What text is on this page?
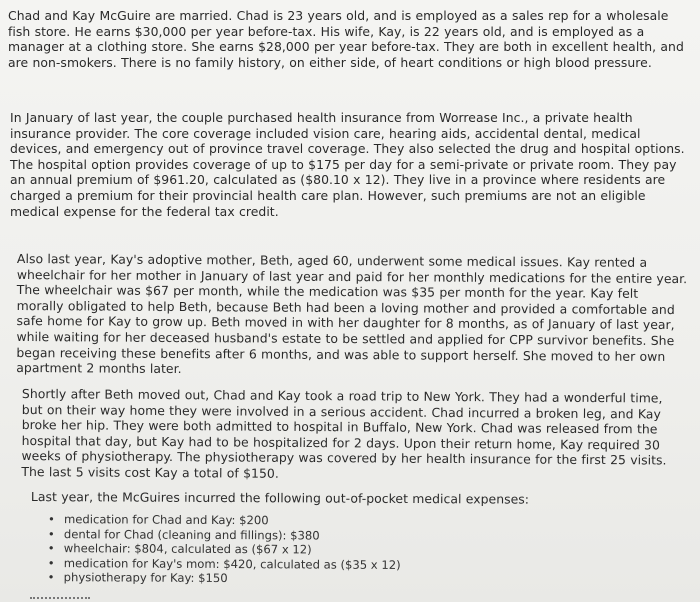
Chad and Kay McGuire are married. Chad is 23 years old, and is employed as a sales rep for a wholesale fish store. He earns $30,000 per year before-tax. His wife, Kay, is 22 years old, and is employed as a manager at a clothing store. She earns $28,000 per year before-tax. They are both in excellent health, and are non-smokers. There is no family history, on either side, of heart conditions or high blood pressure.

In January of last year, the couple purchased health insurance from Worrease Inc., a private health insurance provider. The core coverage included vision care, hearing aids, accidental dental, medical devices, and emergency out of province travel coverage. They also selected the drug and hospital options. The hospital option provides coverage of up to $175 per day for a semi-private or private room. They pay an annual premium of $961.20, calculated as ($80.10 x 12). They live in a province where residents are charged a premium for their provincial health care plan. However, such premiums are not an eligible medical expense for the federal tax credit.

Also last year, Kay's adoptive mother, Beth, aged 60, underwent some medical issues. Kay rented a wheelchair for her mother in January of last year and paid for her monthly medications for the entire year. The wheelchair was $67 per month, while the medication was $35 per month for the year. Kay felt morally obligated to help Beth, because Beth had been a loving mother and provided a comfortable and safe home for Kay to grow up. Beth moved in with her daughter for 8 months, as of January of last year, while waiting for her deceased husband's estate to be settled and applied for CPP survivor benefits. She began receiving these benefits after 6 months, and was able to support herself. She moved to her own apartment 2 months later.

Shortly after Beth moved out, Chad and Kay took a road trip to New York. They had a wonderful time, but on their way home they were involved in a serious accident. Chad incurred a broken leg, and Kay broke her hip. They were both admitted to hospital in Buffalo, New York. Chad was released from the hospital that day, but Kay had to be hospitalized for 2 days. Upon their return home, Kay required 30 weeks of physiotherapy. The physiotherapy was covered by her health insurance for the first 25 visits. The last 5 visits cost Kay a total of $150.

Last year, the McGuires incurred the following out-of-pocket medical expenses:

• medication for Chad and Kay: $200
• dental for Chad (cleaning and fillings): $380
• wheelchair: $804, calculated as ($67 x 12)
• medication for Kay's mom: $420, calculated as ($35 x 12)
• physiotherapy for Kay: $150
